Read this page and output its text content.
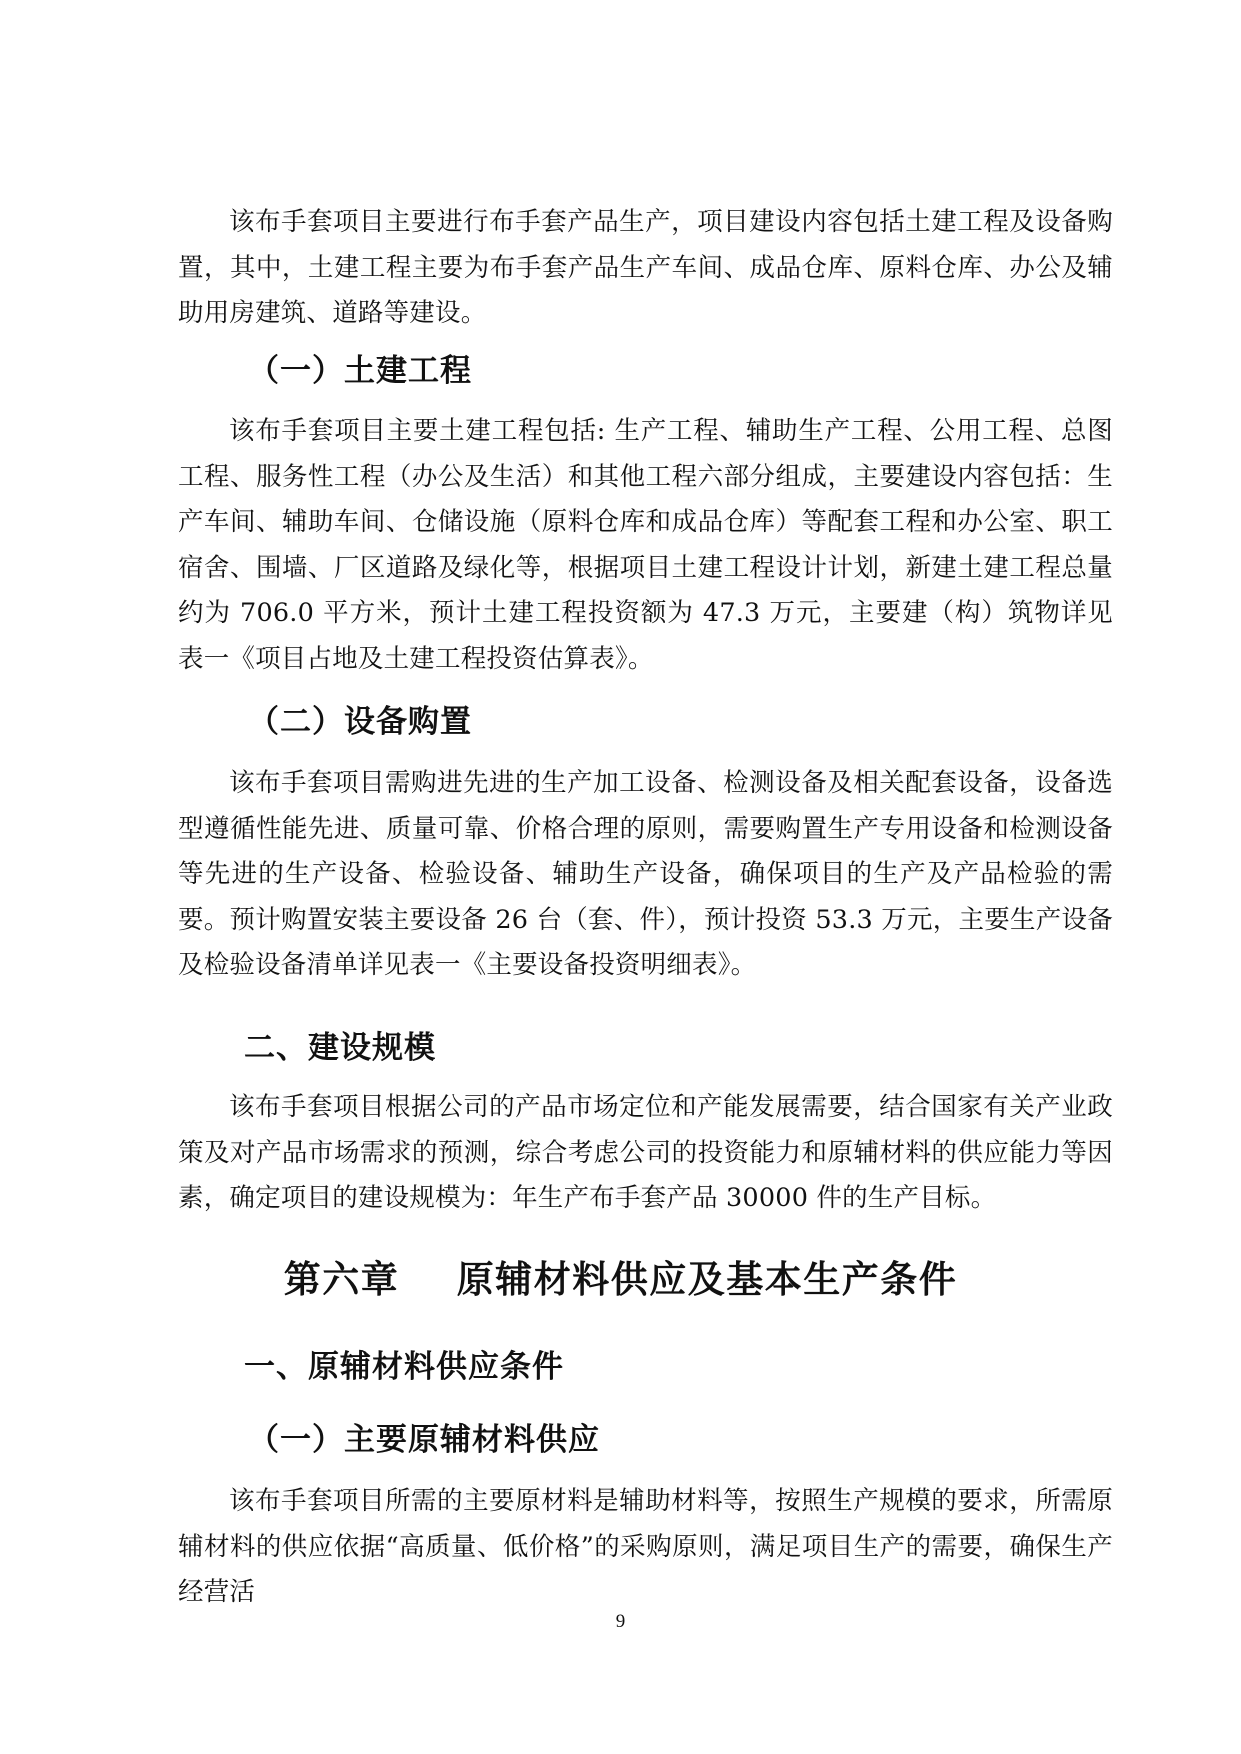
该布手套项目主要进行布手套产品生产，项目建设内容包括土建工程及设备购置，其中，土建工程主要为布手套产品生产车间、成品仓库、原料仓库、办公及辅助用房建筑、道路等建设。

（一）土建工程

该布手套项目主要土建工程包括: 生产工程、辅助生产工程、公用工程、总图工程、服务性工程（办公及生活）和其他工程六部分组成，主要建设内容包括：生产车间、辅助车间、仓储设施（原料仓库和成品仓库）等配套工程和办公室、职工宿舍、围墙、厂区道路及绿化等，根据项目土建工程设计计划，新建土建工程总量约为 706.0 平方米，预计土建工程投资额为 47.3 万元，主要建（构）筑物详见表一《项目占地及土建工程投资估算表》。

（二）设备购置

该布手套项目需购进先进的生产加工设备、检测设备及相关配套设备，设备选型遵循性能先进、质量可靠、价格合理的原则，需要购置生产专用设备和检测设备等先进的生产设备、检验设备、辅助生产设备，确保项目的生产及产品检验的需要。预计购置安装主要设备 26 台（套、件），预计投资 53.3 万元，主要生产设备及检验设备清单详见表一《主要设备投资明细表》。

二、建设规模

该布手套项目根据公司的产品市场定位和产能发展需要，结合国家有关产业政策及对产品市场需求的预测，综合考虑公司的投资能力和原辅材料的供应能力等因素，确定项目的建设规模为：年生产布手套产品 30000 件的生产目标。

第六章    原辅材料供应及基本生产条件
一、原辅材料供应条件
（一）主要原辅材料供应

该布手套项目所需的主要原材料是辅助材料等，按照生产规模的要求，所需原辅材料的供应依据“高质量、低价格”的采购原则，满足项目生产的需要，确保生产经营活

9
